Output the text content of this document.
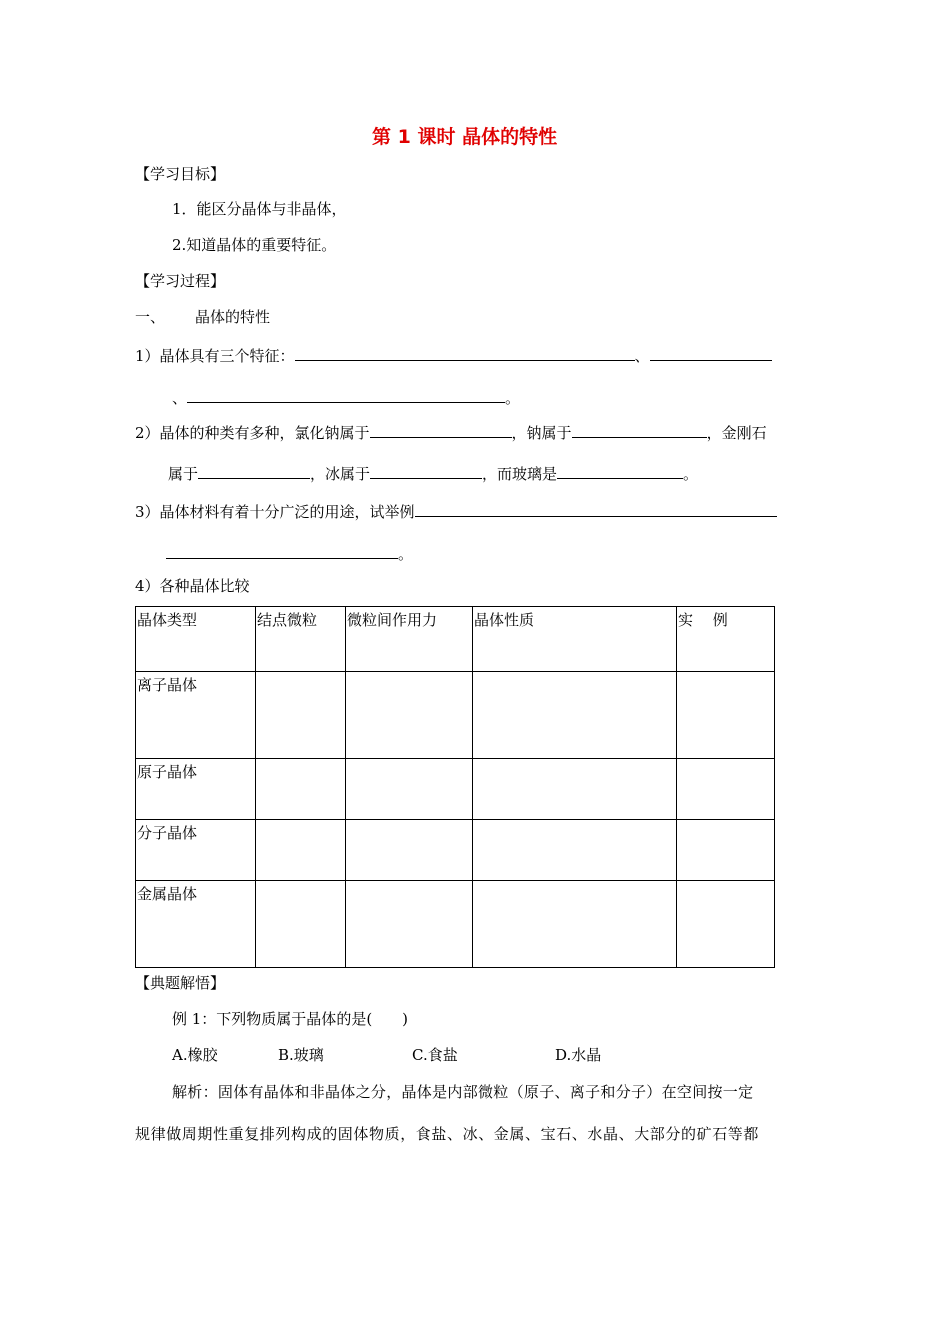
第 1 课时 晶体的特性
【学习目标】
1．能区分晶体与非晶体，
2.知道晶体的重要特征。
【学习过程】
一、 晶体的特性
1）晶体具有三个特征：	、
、	。
2）晶体的种类有多种，氯化钠属于	，钠属于	，金刚石
属于	，冰属于	，而玻璃是	。
3）晶体材料有着十分广泛的用途，试举例
。
4）各种晶体比较
晶体类型	结点微粒	微粒间作用力	晶体性质	实　 例
离子晶体				
原子晶体				
分子晶体				
金属晶体				
【典题解悟】
例 1：下列物质属于晶体的是(　　)
A.橡胶	B.玻璃	C.食盐	D.水晶
解析：固体有晶体和非晶体之分，晶体是内部微粒（原子、离子和分子）在空间按一定
规律做周期性重复排列构成的固体物质，食盐、冰、金属、宝石、水晶、大部分的矿石等都
